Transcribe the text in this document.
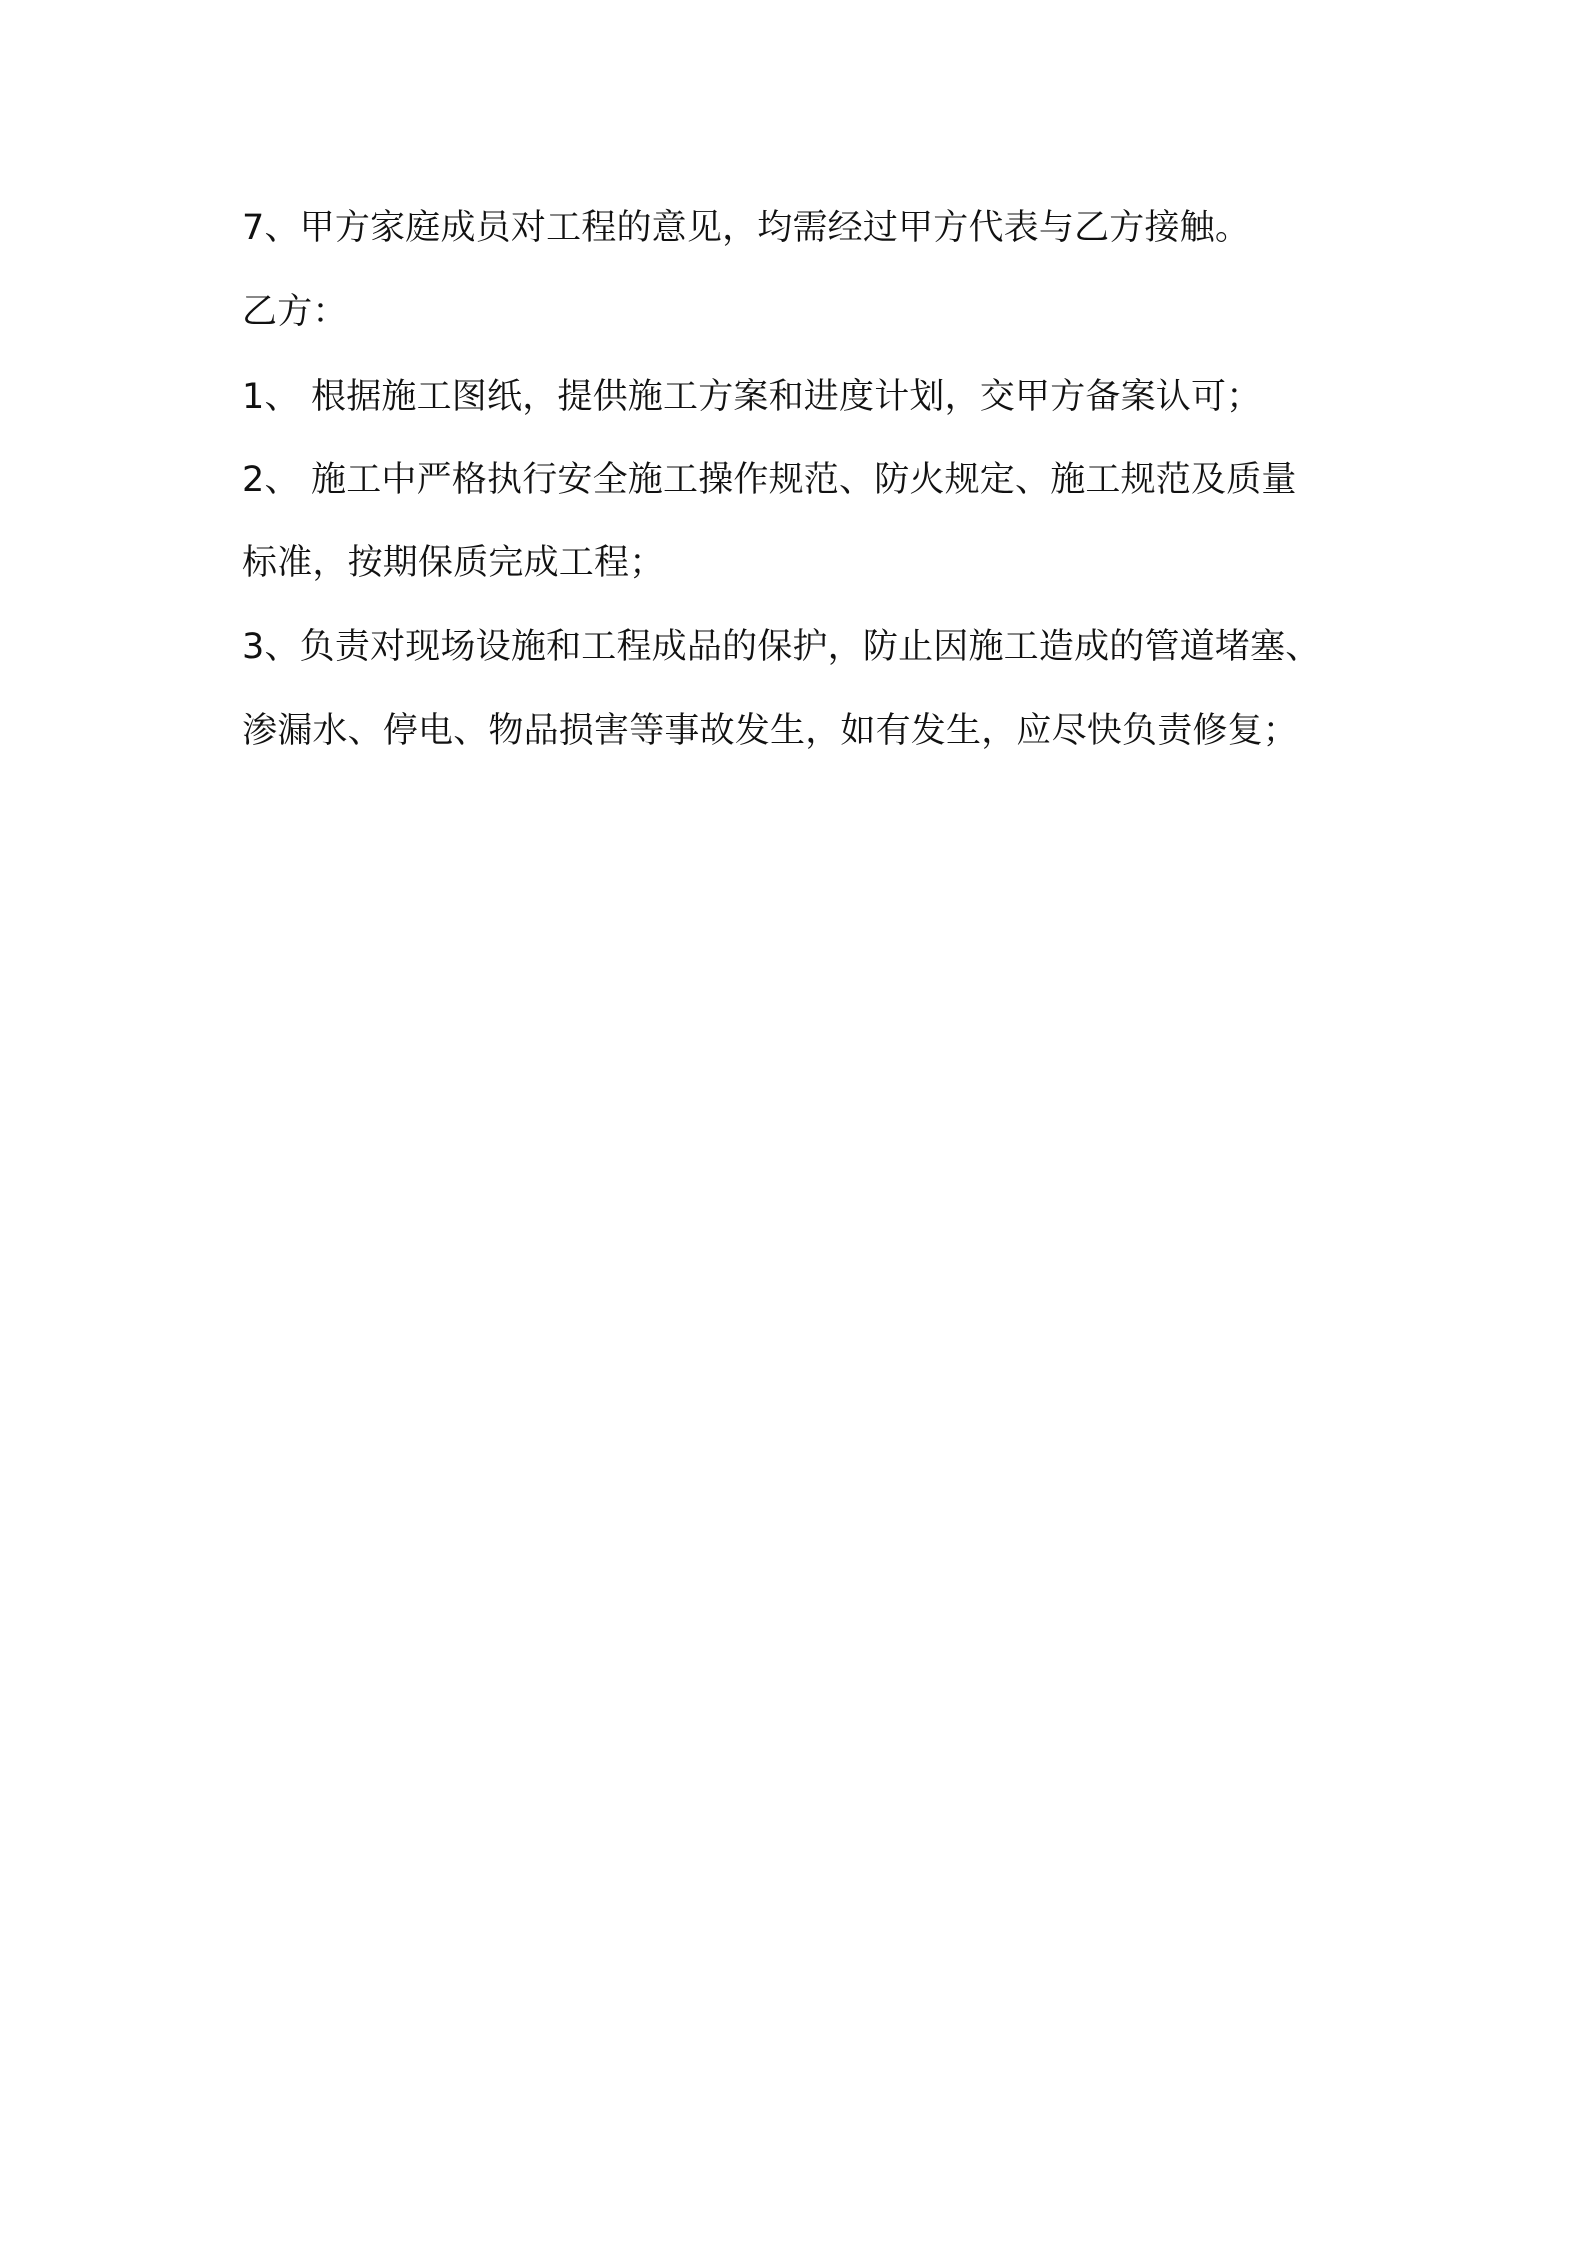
7、甲方家庭成员对工程的意见，均需经过甲方代表与乙方接触。
乙方：
1、 根据施工图纸，提供施工方案和进度计划，交甲方备案认可；
2、 施工中严格执行安全施工操作规范、防火规定、施工规范及质量
标准，按期保质完成工程；
3、负责对现场设施和工程成品的保护，防止因施工造成的管道堵塞、
渗漏水、停电、物品损害等事故发生，如有发生，应尽快负责修复；
